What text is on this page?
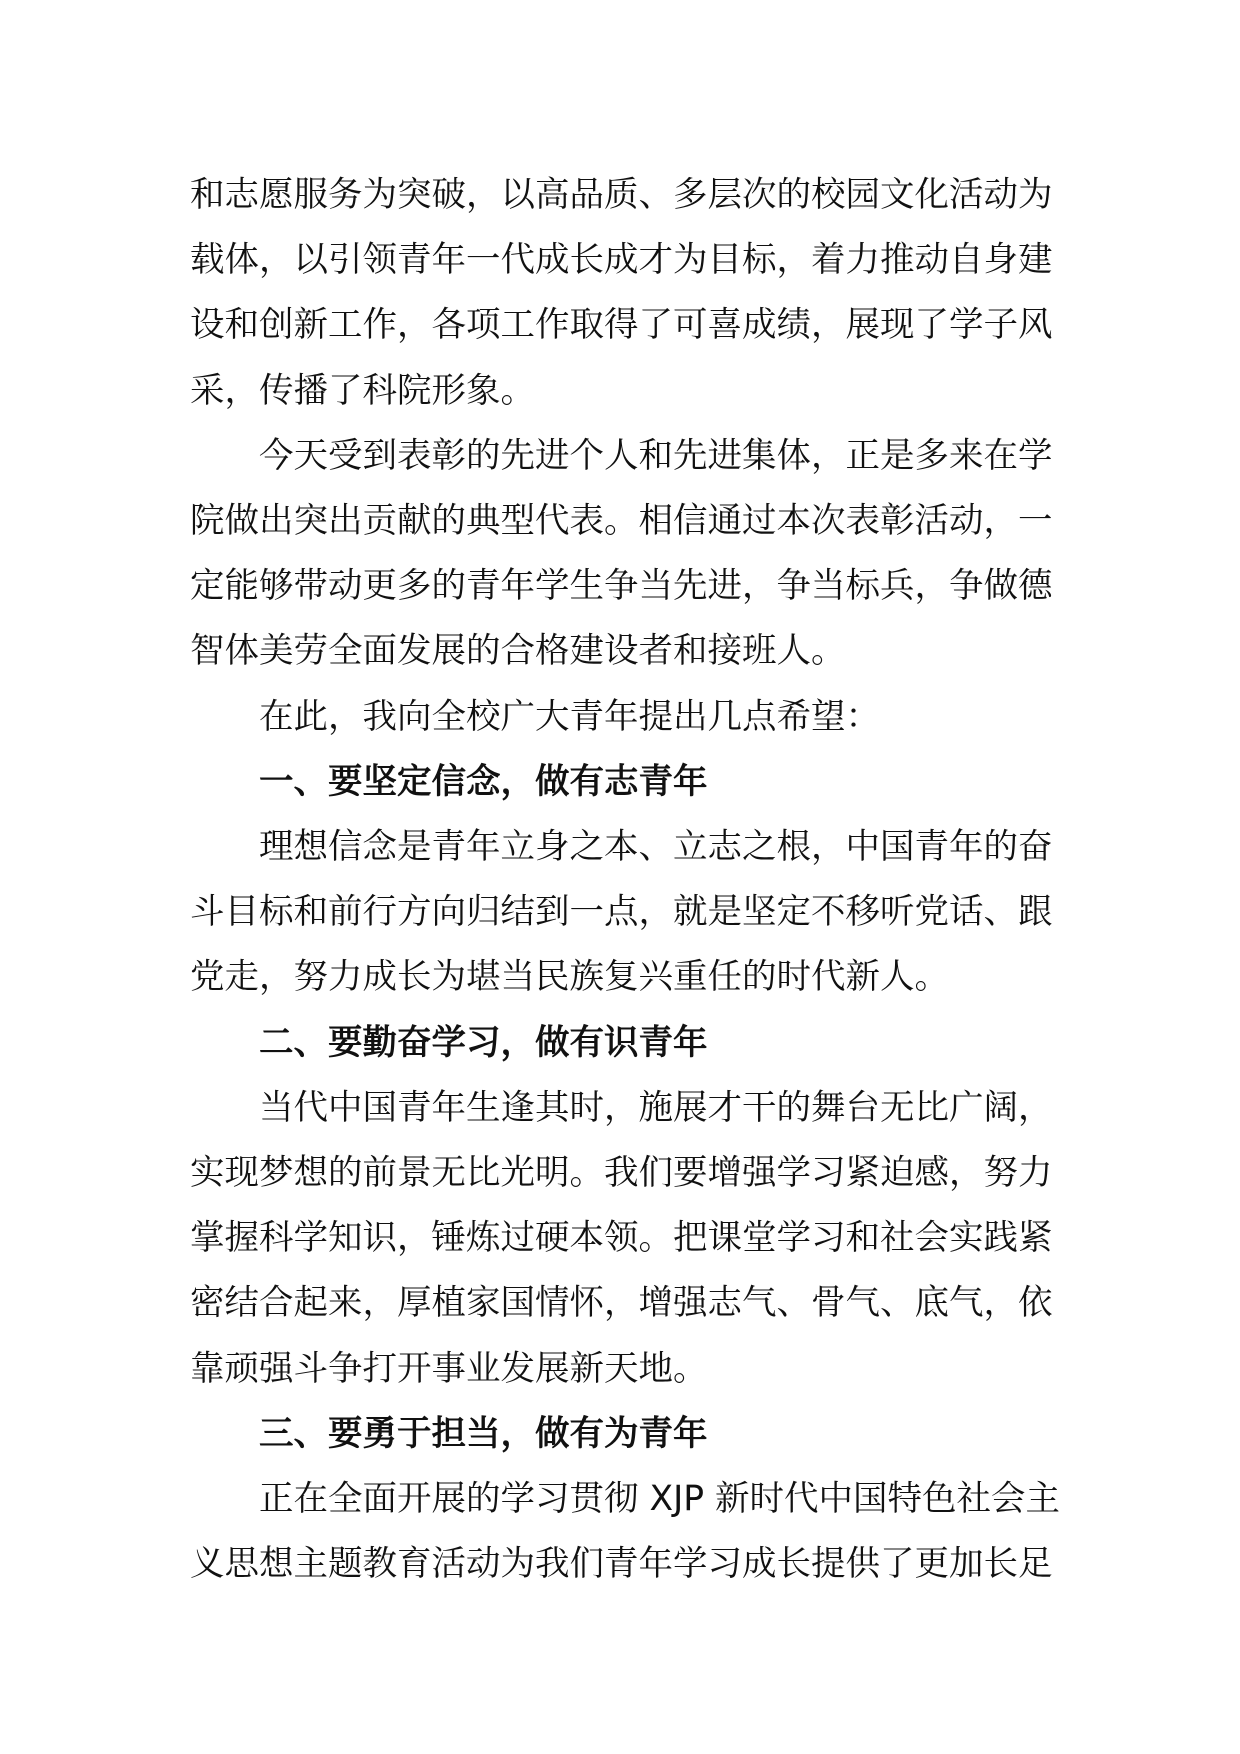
和志愿服务为突破，以高品质、多层次的校园文化活动为
载体，以引领青年一代成长成才为目标，着力推动自身建
设和创新工作，各项工作取得了可喜成绩，展现了学子风
采，传播了科院形象。
今天受到表彰的先进个人和先进集体，正是多来在学
院做出突出贡献的典型代表。相信通过本次表彰活动，一
定能够带动更多的青年学生争当先进，争当标兵，争做德
智体美劳全面发展的合格建设者和接班人。
在此，我向全校广大青年提出几点希望：
一、要坚定信念，做有志青年
理想信念是青年立身之本、立志之根，中国青年的奋
斗目标和前行方向归结到一点，就是坚定不移听党话、跟
党走，努力成长为堪当民族复兴重任的时代新人。
二、要勤奋学习，做有识青年
当代中国青年生逢其时，施展才干的舞台无比广阔，
实现梦想的前景无比光明。我们要增强学习紧迫感，努力
掌握科学知识，锤炼过硬本领。把课堂学习和社会实践紧
密结合起来，厚植家国情怀，增强志气、骨气、底气，依
靠顽强斗争打开事业发展新天地。
三、要勇于担当，做有为青年
正在全面开展的学习贯彻 XJP 新时代中国特色社会主
义思想主题教育活动为我们青年学习成长提供了更加长足
